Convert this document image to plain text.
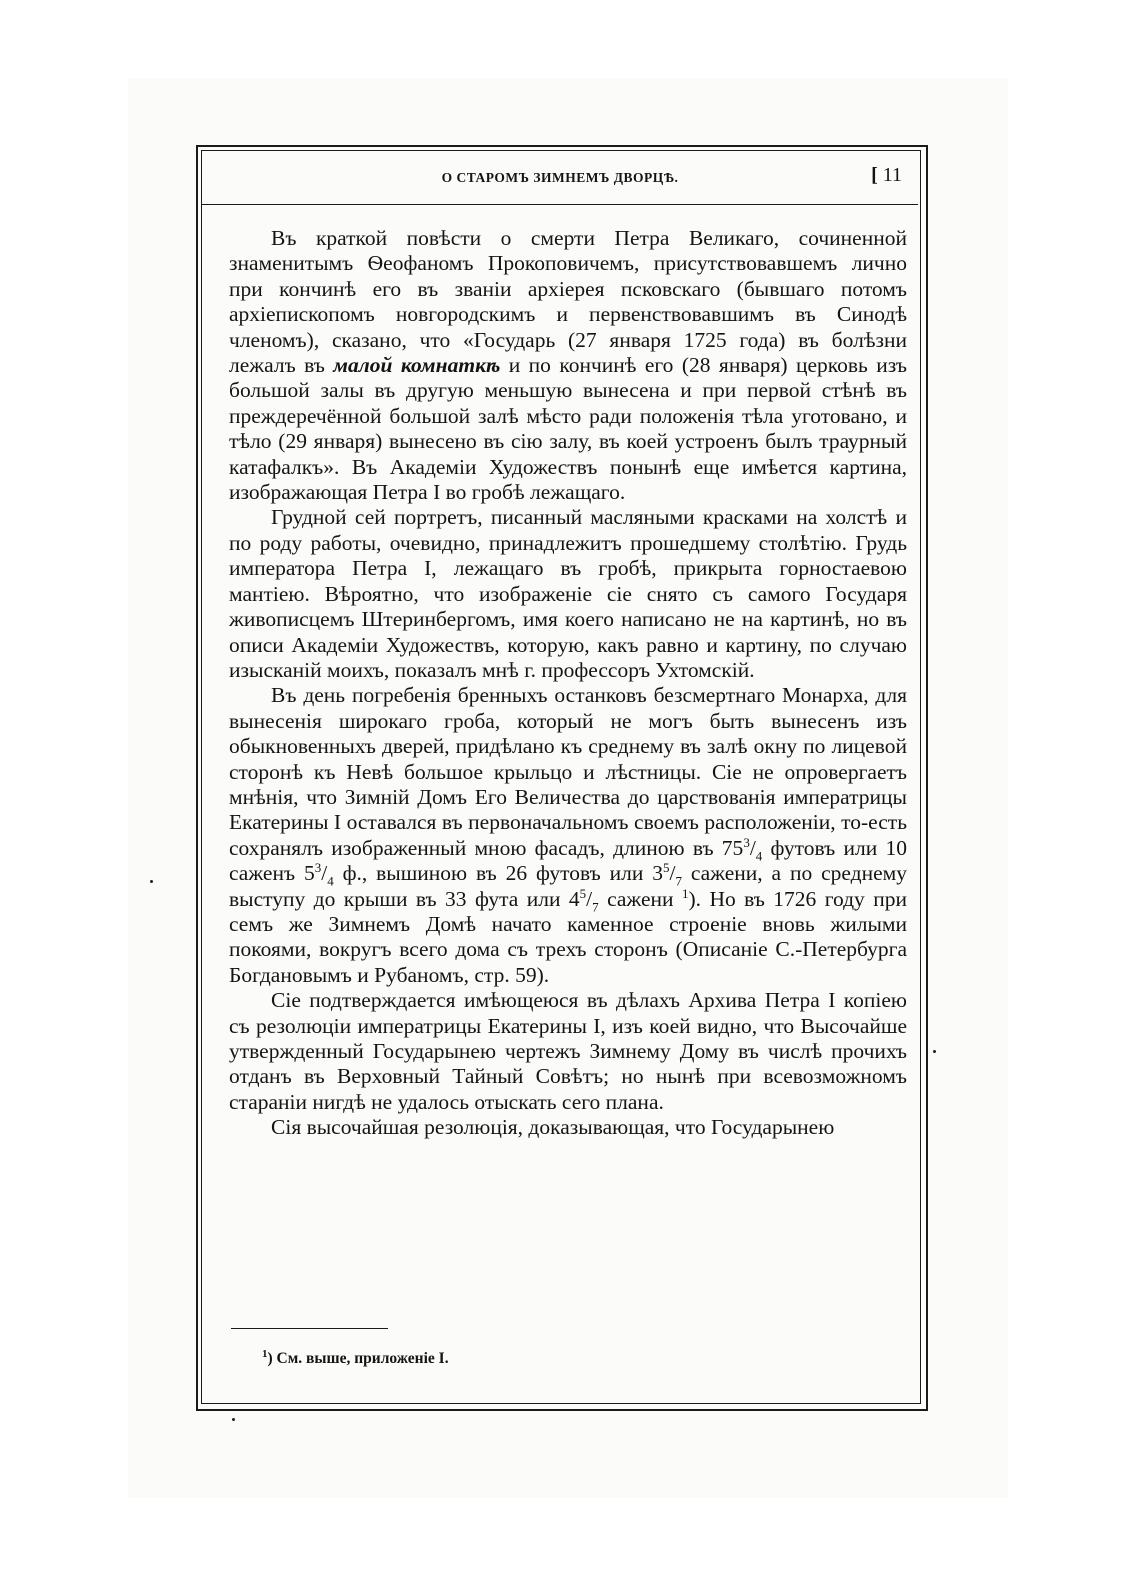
О СТАРОМЪ ЗИМНЕМЪ ДВОРЦѢ.	[ 11

Въ краткой повѣсти о смерти Петра Великаго, сочиненной знаменитымъ Ѳеофаномъ Прокоповичемъ, присутствовавшемъ лично при кончинѣ его въ званіи архіерея псковскаго (бывшаго потомъ архіепископомъ новгородскимъ и первенствовавшимъ въ Синодѣ членомъ), сказано, что «Государь (27 января 1725 года) въ болѣзни лежалъ въ малой комнаткѣ и по кончинѣ его (28 января) церковь изъ большой залы въ другую меньшую вынесена и при первой стѣнѣ въ преждеречённой большой залѣ мѣсто ради положенія тѣла уготовано, и тѣло (29 января) вынесено въ сію залу, въ коей устроенъ былъ траурный катафалкъ». Въ Академіи Художествъ понынѣ еще имѣется картина, изображающая Петра I во гробѣ лежащаго.

Грудной сей портретъ, писанный масляными красками на холстѣ и по роду работы, очевидно, принадлежитъ прошедшему столѣтію. Грудь императора Петра I, лежащаго въ гробѣ, прикрыта горностаевою мантіею. Вѣроятно, что изображеніе сіе снято съ самого Государя живописцемъ Штеринбергомъ, имя коего написано не на картинѣ, но въ описи Академіи Художествъ, которую, какъ равно и картину, по случаю изысканій моихъ, показалъ мнѣ г. профессоръ Ухтомскій.

Въ день погребенія бренныхъ останковъ безсмертнаго Монарха, для вынесенія широкаго гроба, который не могъ быть вынесенъ изъ обыкновенныхъ дверей, придѣлано къ среднему въ залѣ окну по лицевой сторонѣ къ Невѣ большое крыльцо и лѣстницы. Сіе не опровергаетъ мнѣнія, что Зимній Домъ Его Величества до царствованія императрицы Екатерины I оставался въ первоначальномъ своемъ расположеніи, то-есть сохранялъ изображенный мною фасадъ, длиною въ $75^3/_4$ футовъ или 10 саженъ $5^3/_4$ ф., вышиною въ 26 футовъ или $3^5/_7$ сажени, а по среднему выступу до крыши въ 33 фута или $4^5/_7$ сажени $^1$). Но въ 1726 году при семъ же Зимнемъ Домѣ начато каменное строеніе вновь жилыми покоями, вокругъ всего дома съ трехъ сторонъ (Описаніе С.-Петербурга Богдановымъ и Рубаномъ, стр. 59).

Сіе подтверждается имѣющеюся въ дѣлахъ Архива Петра I копіею съ резолюціи императрицы Екатерины I, изъ коей видно, что Высочайше утвержденный Государынею чертежъ Зимнему Дому въ числѣ прочихъ отданъ въ Верховный Тайный Совѣтъ; но нынѣ при всевозможномъ стараніи нигдѣ не удалось отыскать сего плана.

Сія высочайшая резолюція, доказывающая, что Государынею

$^1$) См. выше, приложеніе I.
